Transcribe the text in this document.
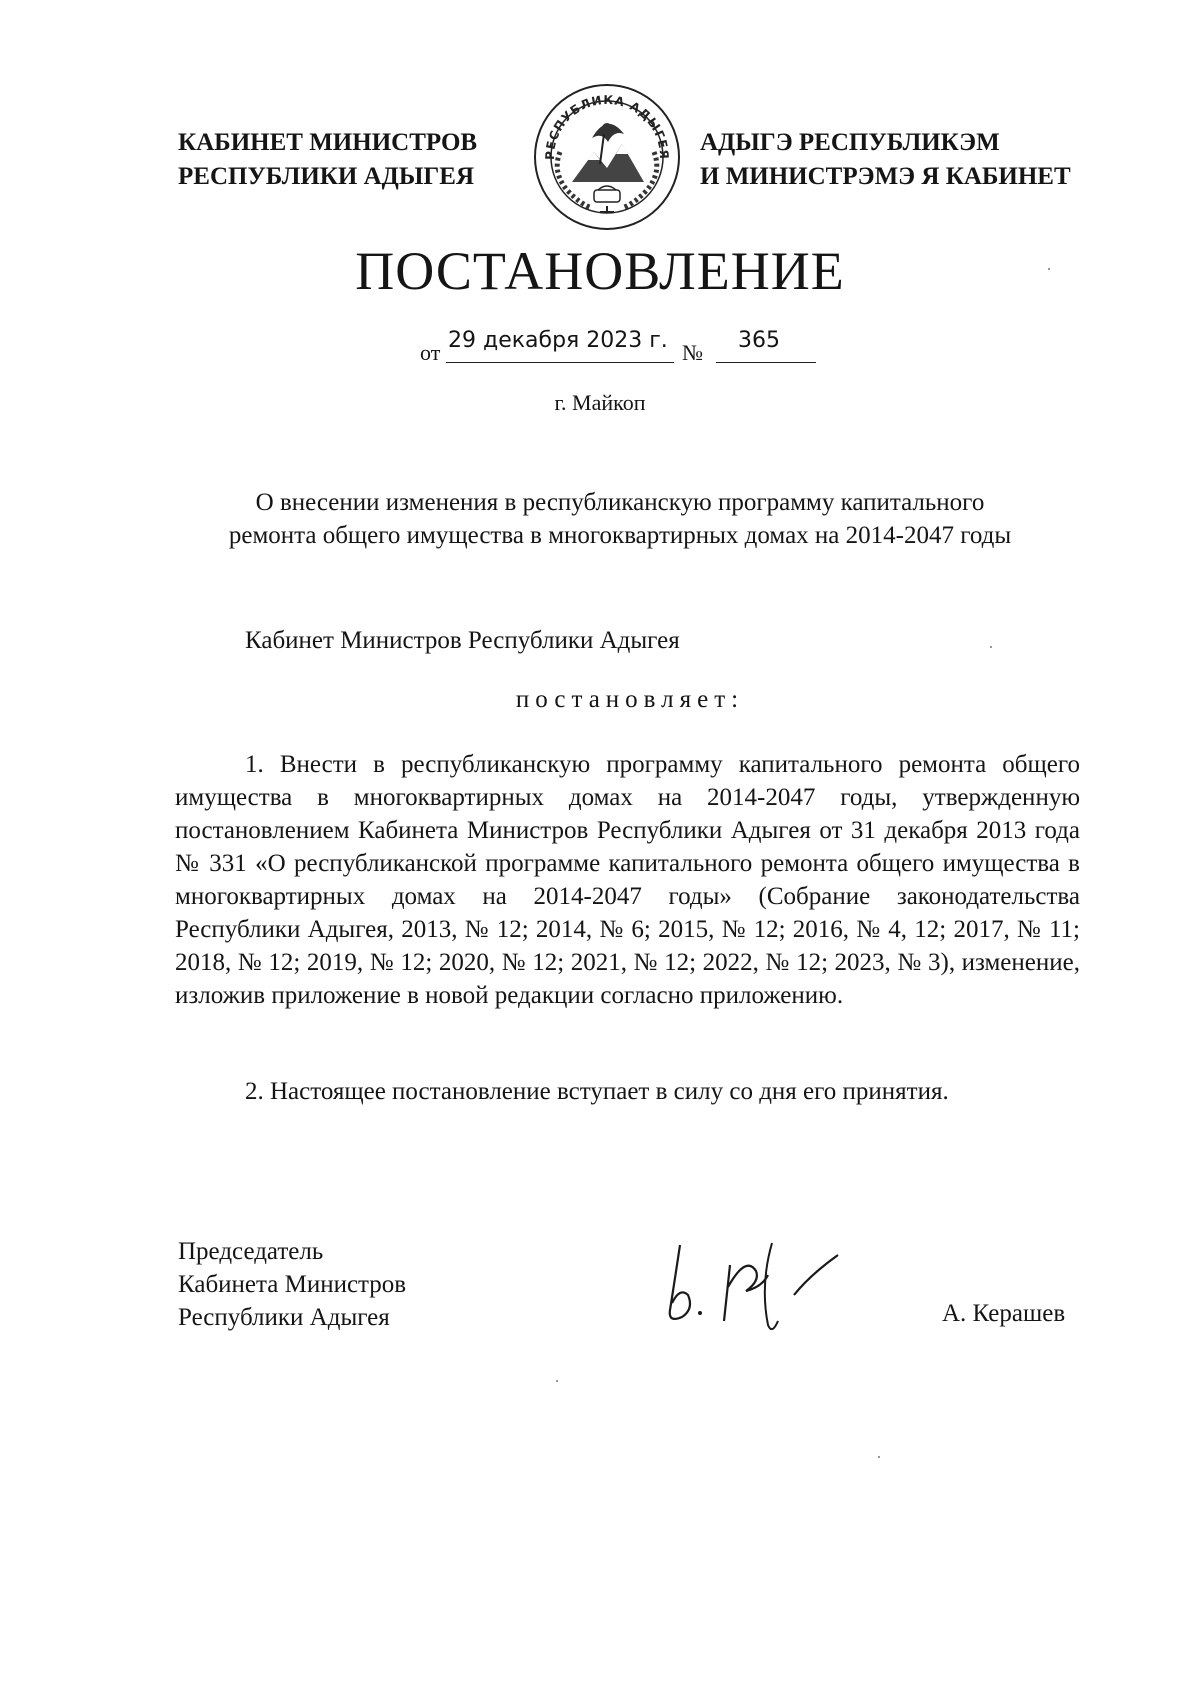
КАБИНЕТ МИНИСТРОВ
РЕСПУБЛИКИ АДЫГЕЯ
РЕСПУБЛИКА АДЫГЕЯ АДЫГЭ РЕСПУБЛИКЭМ
И МИНИСТРЭМЭ Я КАБИНЕТ
ПОСТАНОВЛЕНИЕ
от 29 декабря 2023 г. № 365
г. Майкоп
О внесении изменения в республиканскую программу капитального
ремонта общего имущества в многоквартирных домах на 2014-2047 годы
Кабинет Министров Республики Адыгея
постановляет:
1. Внести в республиканскую программу капитального ремонта общего имущества в многоквартирных домах на 2014-2047 годы, утвержденную постановлением Кабинета Министров Республики Адыгея от 31 декабря 2013 года № 331 «О республиканской программе капитального ремонта общего имущества в многоквартирных домах на 2014-2047 годы» (Собрание законодательства Республики Адыгея, 2013, № 12; 2014, № 6; 2015, № 12; 2016, № 4, 12; 2017, № 11; 2018, № 12; 2019, № 12; 2020, № 12; 2021, № 12; 2022, № 12; 2023, № 3), изменение, изложив приложение в новой редакции согласно приложению.
2. Настоящее постановление вступает в силу со дня его принятия.
Председатель
Кабинета Министров
Республики Адыгея	А. Керашев
